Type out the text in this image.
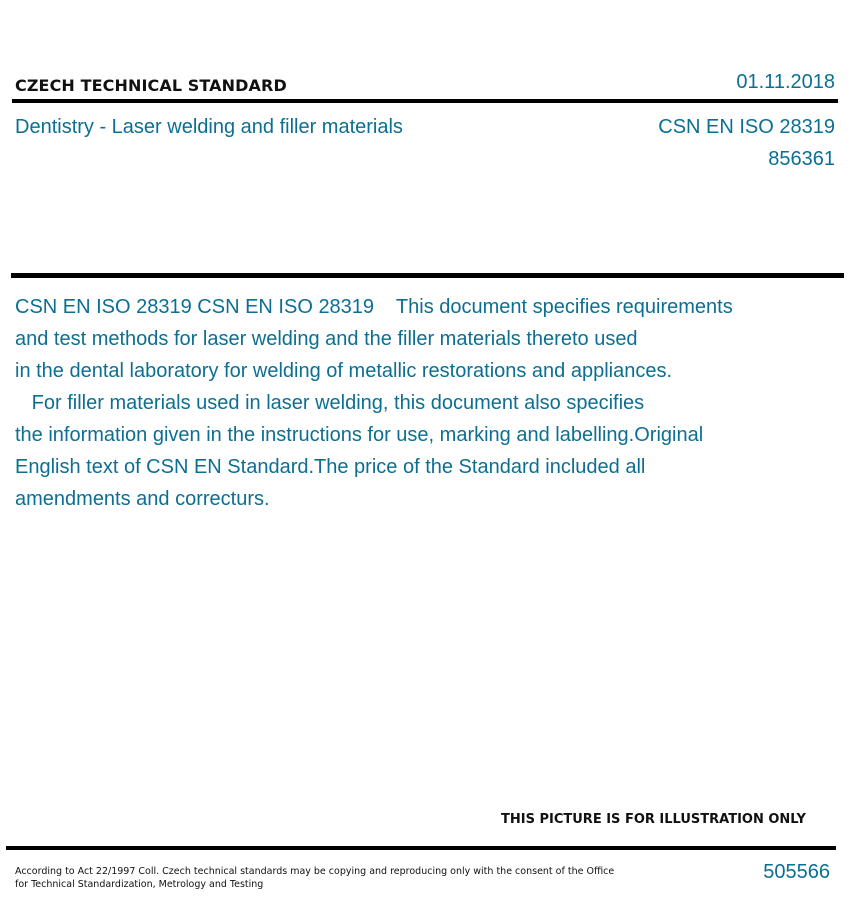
CZECH TECHNICAL STANDARD	01.11.2018
Dentistry - Laser welding and filler materials	CSN EN ISO 28319
856361
CSN EN ISO 28319 CSN EN ISO 28319    This document specifies requirements
and test methods for laser welding and the filler materials thereto used
in the dental laboratory for welding of metallic restorations and appliances.
For filler materials used in laser welding, this document also specifies
the information given in the instructions for use, marking and labelling.Original
English text of CSN EN Standard.The price of the Standard included all
amendments and correcturs.
THIS PICTURE IS FOR ILLUSTRATION ONLY
According to Act 22/1997 Coll. Czech technical standards may be copying and reproducing only with the consent of the Office
for Technical Standardization, Metrology and Testing
505566
